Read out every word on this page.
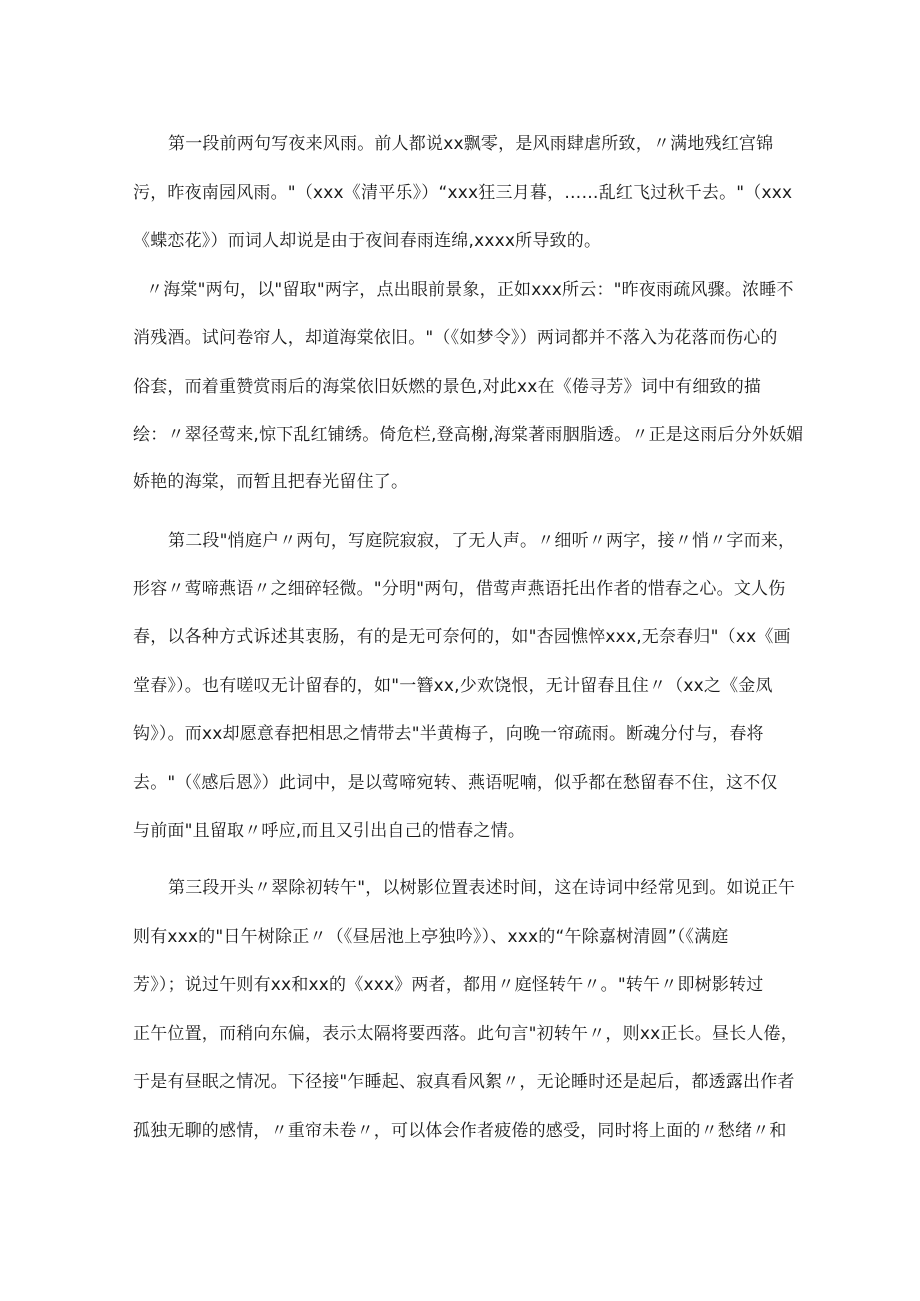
第一段前两句写夜来风雨。前人都说xx飘零，是风雨肆虐所致，〃满地残红宫锦

污，昨夜南园风雨。"（xxx《清平乐》）“xxx狂三月暮，……乱红飞过秋千去。"（xxx

《蝶恋花》）而词人却说是由于夜间春雨连绵,xxxx所导致的。

〃海棠"两句，以"留取"两字，点出眼前景象，正如xxx所云："昨夜雨疏风骤。浓睡不

消残酒。试问卷帘人，却道海棠依旧。"（《如梦令》）两词都并不落入为花落而伤心的

俗套，而着重赞赏雨后的海棠依旧妖燃的景色,对此xx在《倦寻芳》词中有细致的描

绘：〃翠径莺来,惊下乱红铺绣。倚危栏,登高榭,海棠著雨胭脂透。〃正是这雨后分外妖媚

娇艳的海棠，而暂且把春光留住了。

第二段"悄庭户〃两句，写庭院寂寂，了无人声。〃细听〃两字，接〃悄〃字而来，

形容〃莺啼燕语〃之细碎轻微。"分明"两句，借莺声燕语托出作者的惜春之心。文人伤

春，以各种方式诉述其衷肠，有的是无可奈何的，如"杏园憔悴xxx,无奈春归"（xx《画

堂春》）。也有嗟叹无计留春的，如"一簪xx,少欢饶恨，无计留春且住〃（xx之《金凤

钩》）。而xx却愿意春把相思之情带去"半黄梅子，向晚一帘疏雨。断魂分付与，春将

去。"（《感后恩》）此词中，是以莺啼宛转、燕语呢喃，似乎都在愁留春不住，这不仅

与前面"且留取〃呼应,而且又引出自己的惜春之情。

第三段开头〃翠除初转午"，以树影位置表述时间，这在诗词中经常见到。如说正午

则有xxx的"日午树除正〃（《昼居池上亭独吟》）、xxx的“午除嘉树清圆”（《满庭

芳》）；说过午则有xx和xx的《xxx》两者，都用〃庭怪转午〃。"转午〃即树影转过

正午位置，而稍向东偏，表示太隔将要西落。此句言"初转午〃，则xx正长。昼长人倦，

于是有昼眠之情况。下径接"乍睡起、寂真看风絮〃，无论睡时还是起后，都透露出作者

孤独无聊的感情，〃重帘未卷〃，可以体会作者疲倦的感受，同时将上面的〃愁绪〃和
